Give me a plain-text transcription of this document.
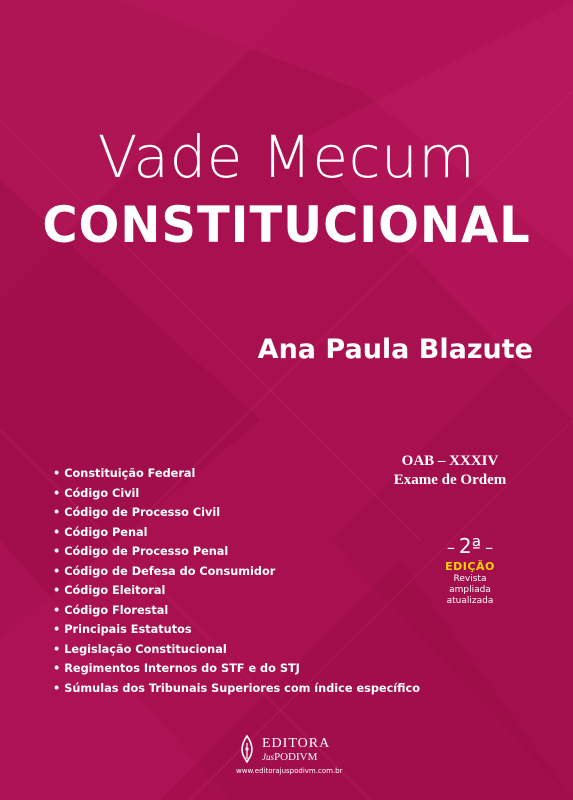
Vade Mecum
CONSTITUCIONAL
Ana Paula Blazute
OAB – XXXIV
Exame de Ordem
– 2ª –
EDIÇÃO
Revista
ampliada
atualizada
• Constituição Federal
• Código Civil
• Código de Processo Civil
• Código Penal
• Código de Processo Penal
• Código de Defesa do Consumidor
• Código Eleitoral
• Código Florestal
• Principais Estatutos
• Legislação Constitucional
• Regimentos Internos do STF e do STJ
• Súmulas dos Tribunais Superiores com índice específico
EDITORA
JusPODIVM
www.editorajuspodivm.com.br
